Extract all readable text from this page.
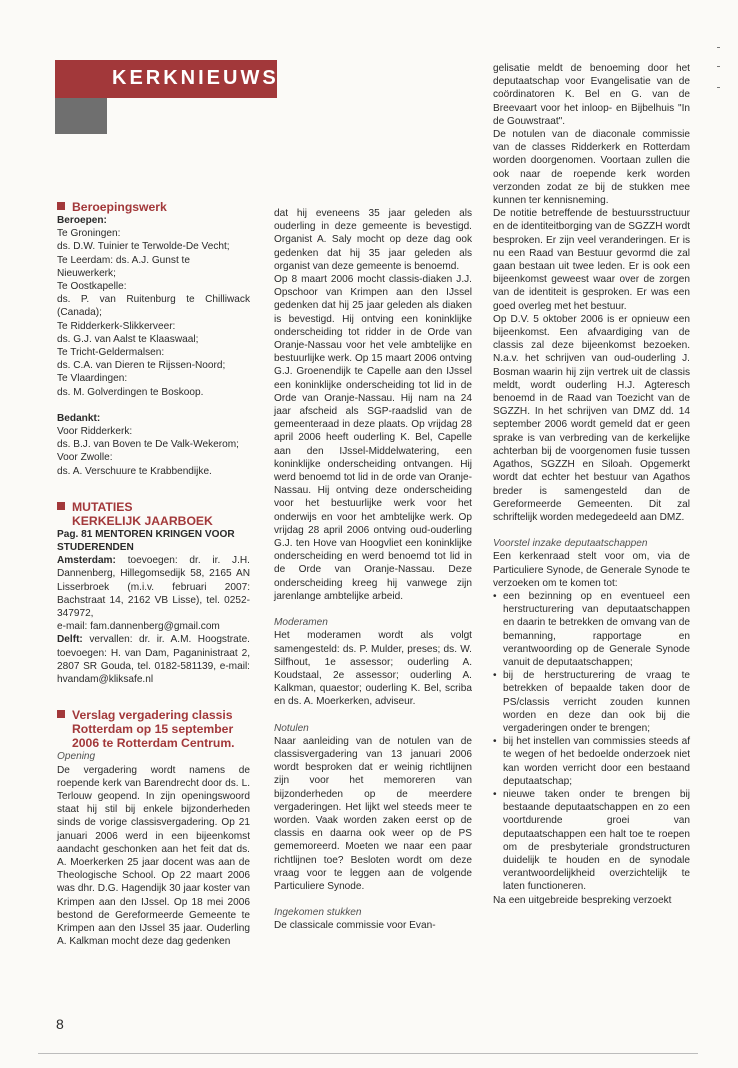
KERKNIEUWS

Beroepingswerk

Beroepen:

Te Groningen:

ds. D.W. Tuinier te Terwolde-De Vecht;

Te Leerdam: ds. A.J. Gunst te Nieuwerkerk;

Te Oostkapelle:

ds. P. van Ruitenburg te Chilliwack (Canada);

Te Ridderkerk-Slikkerveer:

ds. G.J. van Aalst te Klaaswaal;

Te Tricht-Geldermalsen:

ds. C.A. van Dieren te Rijssen-Noord;

Te Vlaardingen:

ds. M. Golverdingen te Boskoop.

Bedankt:

Voor Ridderkerk:

ds. B.J. van Boven te De Valk-Wekerom;

Voor Zwolle:

ds. A. Verschuure te Krabbendijke.

MUTATIES
KERKELIJK JAARBOEK

Pag. 81 MENTOREN KRINGEN VOOR STUDERENDEN

Amsterdam: toevoegen: dr. ir. J.H. Dannenberg, Hillegomsedijk 58, 2165 AN Lisserbroek (m.i.v. februari 2007: Bachstraat 14, 2162 VB Lisse), tel. 0252-347972,

e-mail: fam.dannenberg@gmail.com

Delft: vervallen: dr. ir. A.M. Hoogstrate. toevoegen: H. van Dam, Paganinistraat 2, 2807 SR Gouda, tel. 0182-581139, e-mail: hvandam@kliksafe.nl

Verslag vergadering classis Rotterdam op 15 september 2006 te Rotterdam Centrum.

Opening

De vergadering wordt namens de roepende kerk van Barendrecht door ds. L. Terlouw geopend. In zijn openingswoord staat hij stil bij enkele bijzonderheden sinds de vorige classisvergadering. Op 21 januari 2006 werd in een bijeenkomst aandacht geschonken aan het feit dat ds. A. Moerkerken 25 jaar docent was aan de Theologische School. Op 22 maart 2006 was dhr. D.G. Hagendijk 30 jaar koster van Krimpen aan den IJssel. Op 18 mei 2006 bestond de Gereformeerde Gemeente te Krimpen aan den IJssel 35 jaar. Ouderling A. Kalkman mocht deze dag gedenken

dat hij eveneens 35 jaar geleden als ouderling in deze gemeente is bevestigd. Organist A. Saly mocht op deze dag ook gedenken dat hij 35 jaar geleden als organist van deze gemeente is benoemd.

Op 8 maart 2006 mocht classis-diaken J.J. Opschoor van Krimpen aan den IJssel gedenken dat hij 25 jaar geleden als diaken is bevestigd. Hij ontving een koninklijke onderscheiding tot ridder in de Orde van Oranje-Nassau voor het vele ambtelijke en bestuurlijke werk. Op 15 maart 2006 ontving G.J. Groenendijk te Capelle aan den IJssel een koninklijke onderscheiding tot lid in de Orde van Oranje-Nassau. Hij nam na 24 jaar afscheid als SGP-raadslid van de gemeenteraad in deze plaats. Op vrijdag 28 april 2006 heeft ouderling K. Bel, Capelle aan den IJssel-Middelwatering, een koninklijke onderscheiding ontvangen. Hij werd benoemd tot lid in de orde van Oranje-Nassau. Hij ontving deze onderscheiding voor het bestuurlijke werk voor het onderwijs en voor het ambtelijke werk. Op vrijdag 28 april 2006 ontving oud-ouderling G.J. ten Hove van Hoogvliet een koninklijke onderscheiding en werd benoemd tot lid in de Orde van Oranje-Nassau. Deze onderscheiding kreeg hij vanwege zijn jarenlange ambtelijke arbeid.

Moderamen

Het moderamen wordt als volgt samengesteld: ds. P. Mulder, preses; ds. W. Silfhout, 1e assessor; ouderling A. Koudstaal, 2e assessor; ouderling A. Kalkman, quaestor; ouderling K. Bel, scriba en ds. A. Moerkerken, adviseur.

Notulen

Naar aanleiding van de notulen van de classisvergadering van 13 januari 2006 wordt besproken dat er weinig richtlijnen zijn voor het memoreren van bijzonderheden op de meerdere vergaderingen. Het lijkt wel steeds meer te worden. Vaak worden zaken eerst op de classis en daarna ook weer op de PS gememoreerd. Moeten we naar een paar richtlijnen toe? Besloten wordt om deze vraag voor te leggen aan de volgende Particuliere Synode.

Ingekomen stukken

De classicale commissie voor Evan-

gelisatie meldt de benoeming door het deputaatschap voor Evangelisatie van de coördinatoren K. Bel en G. van de Breevaart voor het inloop- en Bijbelhuis "In de Gouwstraat".

De notulen van de diaconale commissie van de classes Ridderkerk en Rotterdam worden doorgenomen. Voortaan zullen die ook naar de roepende kerk worden verzonden zodat ze bij de stukken mee kunnen ter kennisneming.

De notitie betreffende de bestuursstructuur en de identiteitborging van de SGZZH wordt besproken. Er zijn veel veranderingen. Er is nu een Raad van Bestuur gevormd die zal gaan bestaan uit twee leden. Er is ook een bijeenkomst geweest waar over de zorgen van de identiteit is gesproken. Er was een goed overleg met het bestuur.

Op D.V. 5 oktober 2006 is er opnieuw een bijeenkomst. Een afvaardiging van de classis zal deze bijeenkomst bezoeken. N.a.v. het schrijven van oud-ouderling J. Bosman waarin hij zijn vertrek uit de classis meldt, wordt ouderling H.J. Agteresch benoemd in de Raad van Toezicht van de SGZZH. In het schrijven van DMZ dd. 14 september 2006 wordt gemeld dat er geen sprake is van verbreding van de kerkelijke achterban bij de voorgenomen fusie tussen Agathos, SGZZH en Siloah. Opgemerkt wordt dat echter het bestuur van Agathos breder is samengesteld dan de Gereformeerde Gemeenten. Dit zal schriftelijk worden medegedeeld aan DMZ.

Voorstel inzake deputaatschappen

Een kerkenraad stelt voor om, via de Particuliere Synode, de Generale Synode te verzoeken om te komen tot:

• een bezinning op en eventueel een herstructurering van deputaatschappen en daarin te betrekken de omvang van de bemanning, rapportage en verantwoording op de Generale Synode vanuit de deputaatschappen;

• bij de herstructurering de vraag te betrekken of bepaalde taken door de PS/classis verricht zouden kunnen worden en deze dan ook bij die vergaderingen onder te brengen;

• bij het instellen van commissies steeds af te wegen of het bedoelde onderzoek niet kan worden verricht door een bestaand deputaatschap;

• nieuwe taken onder te brengen bij bestaande deputaatschappen en zo een voortdurende groei van deputaatschappen een halt toe te roepen om de presbyteriale grondstructuren duidelijk te houden en de synodale verantwoordelijkheid overzichtelijk te laten functioneren.

Na een uitgebreide bespreking verzoekt

8
